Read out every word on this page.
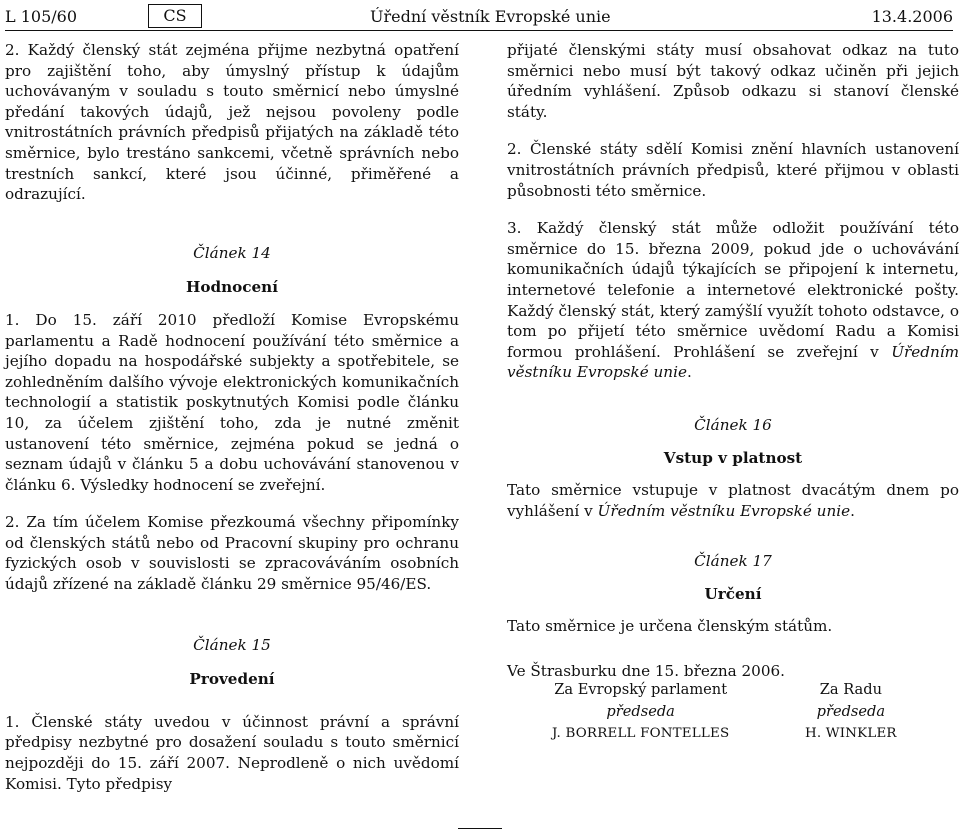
L 105/60	CS	Úřední věstník Evropské unie	13.4.2006

2. Každý členský stát zejména přijme nezbytná opatření pro zajištění toho, aby úmyslný přístup k údajům uchovávaným v souladu s touto směrnicí nebo úmyslné předání takových údajů, jež nejsou povoleny podle vnitrostátních právních předpisů přijatých na základě této směrnice, bylo trestáno sankcemi, včetně správních nebo trestních sankcí, které jsou účinné, přiměřené a odrazující.

Článek 14
Hodnocení

1. Do 15. září 2010 předloží Komise Evropskému parlamentu a Radě hodnocení používání této směrnice a jejího dopadu na hospodářské subjekty a spotřebitele, se zohledněním dalšího vývoje elektronických komunikačních technologií a statistik poskytnutých Komisi podle článku 10, za účelem zjištění toho, zda je nutné změnit ustanovení této směrnice, zejména pokud se jedná o seznam údajů v článku 5 a dobu uchovávání stanovenou v článku 6. Výsledky hodnocení se zveřejní.

2. Za tím účelem Komise přezkoumá všechny připomínky od členských států nebo od Pracovní skupiny pro ochranu fyzických osob v souvislosti se zpracováváním osobních údajů zřízené na základě článku 29 směrnice 95/46/ES.

Článek 15
Provedení

1. Členské státy uvedou v účinnost právní a správní předpisy nezbytné pro dosažení souladu s touto směrnicí nejpozději do 15. září 2007. Neprodleně o nich uvědomí Komisi. Tyto předpisy

přijaté členskými státy musí obsahovat odkaz na tuto směrnici nebo musí být takový odkaz učiněn při jejich úředním vyhlášení. Způsob odkazu si stanoví členské státy.

2. Členské státy sdělí Komisi znění hlavních ustanovení vnitrostátních právních předpisů, které přijmou v oblasti působnosti této směrnice.

3. Každý členský stát může odložit používání této směrnice do 15. března 2009, pokud jde o uchovávání komunikačních údajů týkajících se připojení k internetu, internetové telefonie a internetové elektronické pošty. Každý členský stát, který zamýšlí využít tohoto odstavce, o tom po přijetí této směrnice uvědomí Radu a Komisi formou prohlášení. Prohlášení se zveřejní v Úředním věstníku Evropské unie.

Článek 16
Vstup v platnost

Tato směrnice vstupuje v platnost dvacátým dnem po vyhlášení v Úředním věstníku Evropské unie.

Článek 17
Určení

Tato směrnice je určena členským státům.

Ve Štrasburku dne 15. března 2006.

Za Evropský parlament
předseda
J. BORRELL FONTELLES
Za Radu
předseda
H. WINKLER
